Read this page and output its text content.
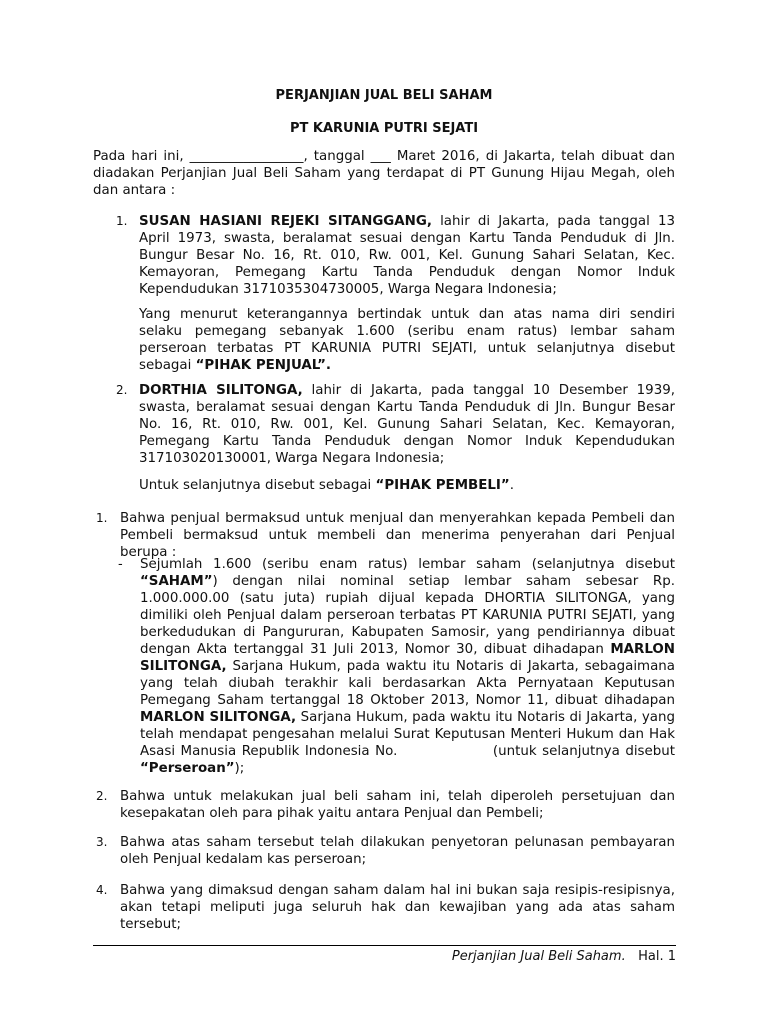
PERJANJIAN JUAL BELI SAHAM
PT KARUNIA PUTRI SEJATI
Pada hari ini, _________________, tanggal ___ Maret 2016, di Jakarta, telah dibuat dan diadakan Perjanjian Jual Beli Saham yang terdapat di PT Gunung Hijau Megah, oleh dan antara :
1. SUSAN HASIANI REJEKI SITANGGANG, lahir di Jakarta, pada tanggal 13 April 1973, swasta, beralamat sesuai dengan Kartu Tanda Penduduk di Jln. Bungur Besar No. 16, Rt. 010, Rw. 001, Kel. Gunung Sahari Selatan, Kec. Kemayoran, Pemegang Kartu Tanda Penduduk dengan Nomor Induk Kependudukan 3171035304730005, Warga Negara Indonesia;
Yang menurut keterangannya bertindak untuk dan atas nama diri sendiri selaku pemegang sebanyak 1.600 (seribu enam ratus) lembar saham perseroan terbatas PT KARUNIA PUTRI SEJATI, untuk selanjutnya disebut sebagai “PIHAK PENJUAL”.
2. DORTHIA SILITONGA, lahir di Jakarta, pada tanggal 10 Desember 1939, swasta, beralamat sesuai dengan Kartu Tanda Penduduk di Jln. Bungur Besar No. 16, Rt. 010, Rw. 001, Kel. Gunung Sahari Selatan, Kec. Kemayoran, Pemegang Kartu Tanda Penduduk dengan Nomor Induk Kependudukan 317103020130001, Warga Negara Indonesia;
Untuk selanjutnya disebut sebagai “PIHAK PEMBELI”.
1. Bahwa penjual bermaksud untuk menjual dan menyerahkan kepada Pembeli dan Pembeli bermaksud untuk membeli dan menerima penyerahan dari Penjual berupa :
- Sejumlah 1.600 (seribu enam ratus) lembar saham (selanjutnya disebut “SAHAM”) dengan nilai nominal setiap lembar saham sebesar Rp. 1.000.000.00 (satu juta) rupiah dijual kepada DHORTIA SILITONGA, yang dimiliki oleh Penjual dalam perseroan terbatas PT KARUNIA PUTRI SEJATI, yang berkedudukan di Pangururan, Kabupaten Samosir, yang pendiriannya dibuat dengan Akta tertanggal 31 Juli 2013, Nomor 30, dibuat dihadapan MARLON SILITONGA, Sarjana Hukum, pada waktu itu Notaris di Jakarta, sebagaimana yang telah diubah terakhir kali berdasarkan Akta Pernyataan Keputusan Pemegang Saham tertanggal 18 Oktober 2013, Nomor 11, dibuat dihadapan MARLON SILITONGA, Sarjana Hukum, pada waktu itu Notaris di Jakarta, yang telah mendapat pengesahan melalui Surat Keputusan Menteri Hukum dan Hak Asasi Manusia Republik Indonesia No.	(untuk selanjutnya disebut “Perseroan”);
2. Bahwa untuk melakukan jual beli saham ini, telah diperoleh persetujuan dan kesepakatan oleh para pihak yaitu antara Penjual dan Pembeli;
3. Bahwa atas saham tersebut telah dilakukan penyetoran pelunasan pembayaran oleh Penjual kedalam kas perseroan;
4. Bahwa yang dimaksud dengan saham dalam hal ini bukan saja resipis-resipisnya, akan tetapi meliputi juga seluruh hak dan kewajiban yang ada atas saham tersebut;
Perjanjian Jual Beli Saham. Hal. 1
